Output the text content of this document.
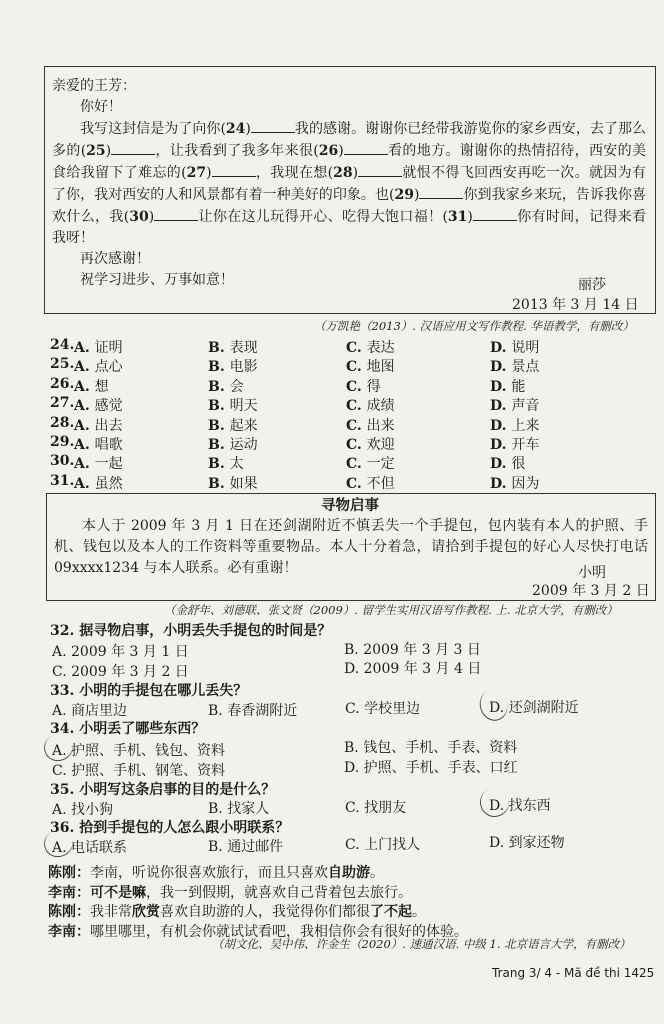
亲爱的王芳：

你好！

我写这封信是为了向你(24)	我的感谢。谢谢你已经带我游览你的家乡西安，去了那么多的(25)	，让我看到了我多年来很(26)	看的地方。谢谢你的热情招待，西安的美食给我留下了难忘的(27)	，我现在想(28)	就恨不得飞回西安再吃一次。就因为有了你，我对西安的人和风景都有着一种美好的印象。也(29)	你到我家乡来玩，告诉我你喜欢什么，我(30)	让你在这儿玩得开心、吃得大饱口福！(31)	你有时间，记得来看我呀！

再次感谢！

祝学习进步、万事如意！	丽莎
2013 年 3 月 14 日
（万凯艳（2013）. 汉语应用文写作教程. 华语教学，有删改）
24. A. 证明	B. 表现	C. 表达	D. 说明
25. A. 点心	B. 电影	C. 地图	D. 景点
26. A. 想	B. 会	C. 得	D. 能
27. A. 感觉	B. 明天	C. 成绩	D. 声音
28. A. 出去	B. 起来	C. 出来	D. 上来
29. A. 唱歌	B. 运动	C. 欢迎	D. 开车
30. A. 一起	B. 太	C. 一定	D. 很
31. A. 虽然	B. 如果	C. 不但	D. 因为
寻物启事
本人于 2009 年 3 月 1 日在还剑湖附近不慎丢失一个手提包，包内装有本人的护照、手机、钱包以及本人的工作资料等重要物品。本人十分着急，请拾到手提包的好心人尽快打电话 09xxxx1234 与本人联系。必有重谢！	小明
2009 年 3 月 2 日
（金舒年、刘德联、张文贤（2009）. 留学生实用汉语写作教程. 上. 北京大学，有删改）
32. 据寻物启事，小明丢失手提包的时间是？
A. 2009 年 3 月 1 日	B. 2009 年 3 月 3 日
C. 2009 年 3 月 2 日	D. 2009 年 3 月 4 日
33. 小明的手提包在哪儿丢失？
A. 商店里边	B. 春香湖附近	C. 学校里边	D. 还剑湖附近
34. 小明丢了哪些东西？
A. 护照、手机、钱包、资料	B. 钱包、手机、手表、资料
C. 护照、手机、钢笔、资料	D. 护照、手机、手表、口红
35. 小明写这条启事的目的是什么？
A. 找小狗	B. 找家人	C. 找朋友	D. 找东西
36. 拾到手提包的人怎么跟小明联系？
A. 电话联系	B. 通过邮件	C. 上门找人	D. 到家还物
陈刚：李南，听说你很喜欢旅行，而且只喜欢自助游。
李南：可不是嘛，我一到假期，就喜欢自己背着包去旅行。
陈刚：我非常欣赏喜欢自助游的人，我觉得你们都很了不起。
李南：哪里哪里，有机会你就试试看吧，我相信你会有很好的体验。
（胡文化、吴中伟、许金生（2020）. 速通汉语. 中级 1. 北京语言大学，有删改）
Trang 3/ 4 - Mã đề thi 1425
